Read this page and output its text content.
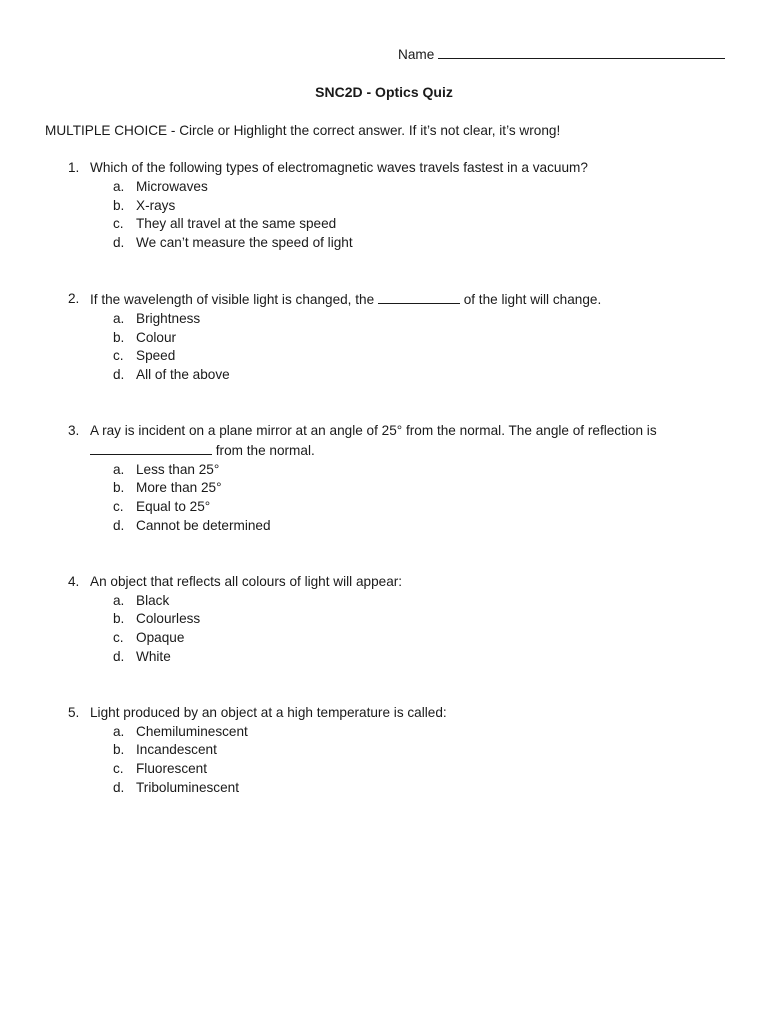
Name
SNC2D - Optics Quiz
MULTIPLE CHOICE - Circle or Highlight the correct answer. If it’s not clear, it’s wrong!
1. Which of the following types of electromagnetic waves travels fastest in a vacuum?
a. Microwaves
b. X-rays
c. They all travel at the same speed
d. We can’t measure the speed of light
2. If the wavelength of visible light is changed, the	of the light will change.
a. Brightness
b. Colour
c. Speed
d. All of the above
3. A ray is incident on a plane mirror at an angle of 25° from the normal. The angle of reflection is  from the normal.
a. Less than 25°
b. More than 25°
c. Equal to 25°
d. Cannot be determined
4. An object that reflects all colours of light will appear:
a. Black
b. Colourless
c. Opaque
d. White
5. Light produced by an object at a high temperature is called:
a. Chemiluminescent
b. Incandescent
c. Fluorescent
d. Triboluminescent
